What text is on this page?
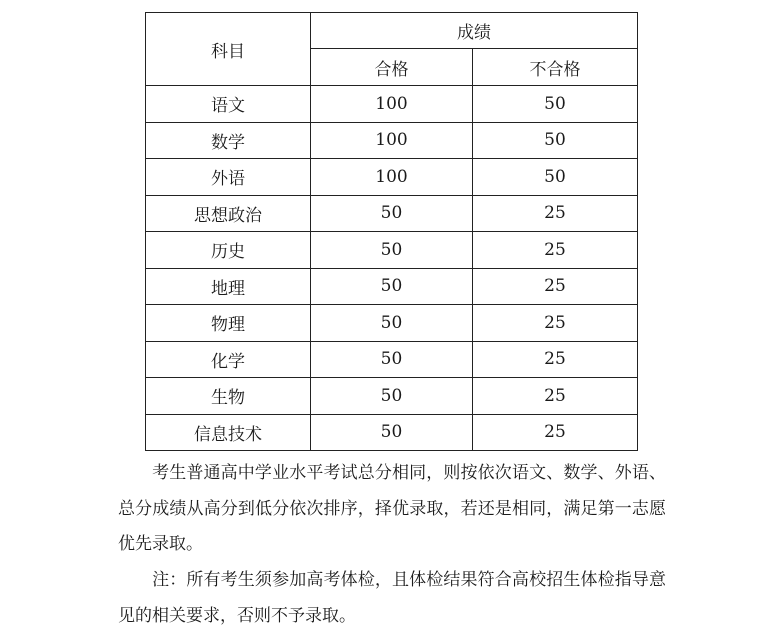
科目	成绩	
	合格	不合格
语文	100	50
数学	100	50
外语	100	50
思想政治	50	25
历史	50	25
地理	50	25
物理	50	25
化学	50	25
生物	50	25
信息技术	50	25

考生普通高中学业水平考试总分相同，则按依次语文、数学、外语、总分成绩从高分到低分依次排序，择优录取，若还是相同，满足第一志愿优先录取。

注：所有考生须参加高考体检，且体检结果符合高校招生体检指导意见的相关要求，否则不予录取。
